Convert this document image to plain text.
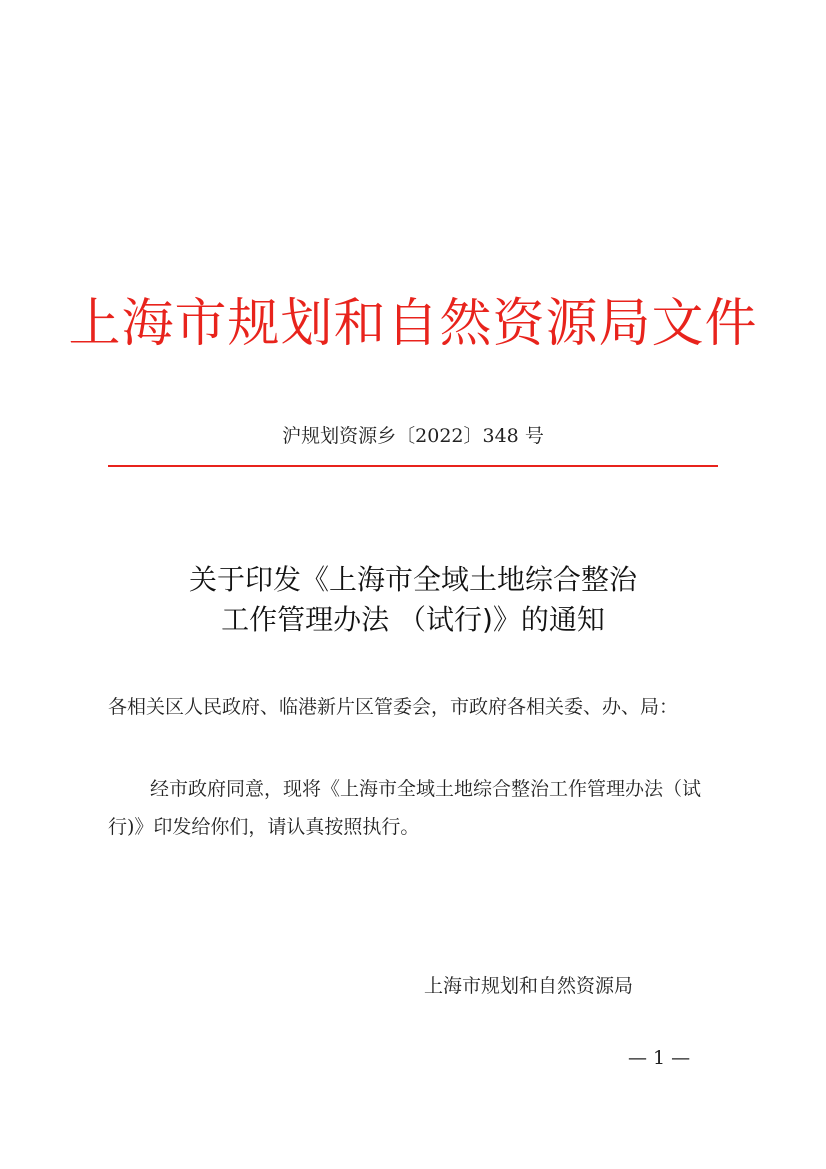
上海市规划和自然资源局文件
沪规划资源乡〔2022〕348 号
关于印发《上海市全域土地综合整治
工作管理办法 （试行)》的通知
各相关区人民政府、临港新片区管委会，市政府各相关委、办、局：
经市政府同意，现将《上海市全域土地综合整治工作管理办法（试行)》印发给你们，请认真按照执行。
上海市规划和自然资源局
— 1 —
